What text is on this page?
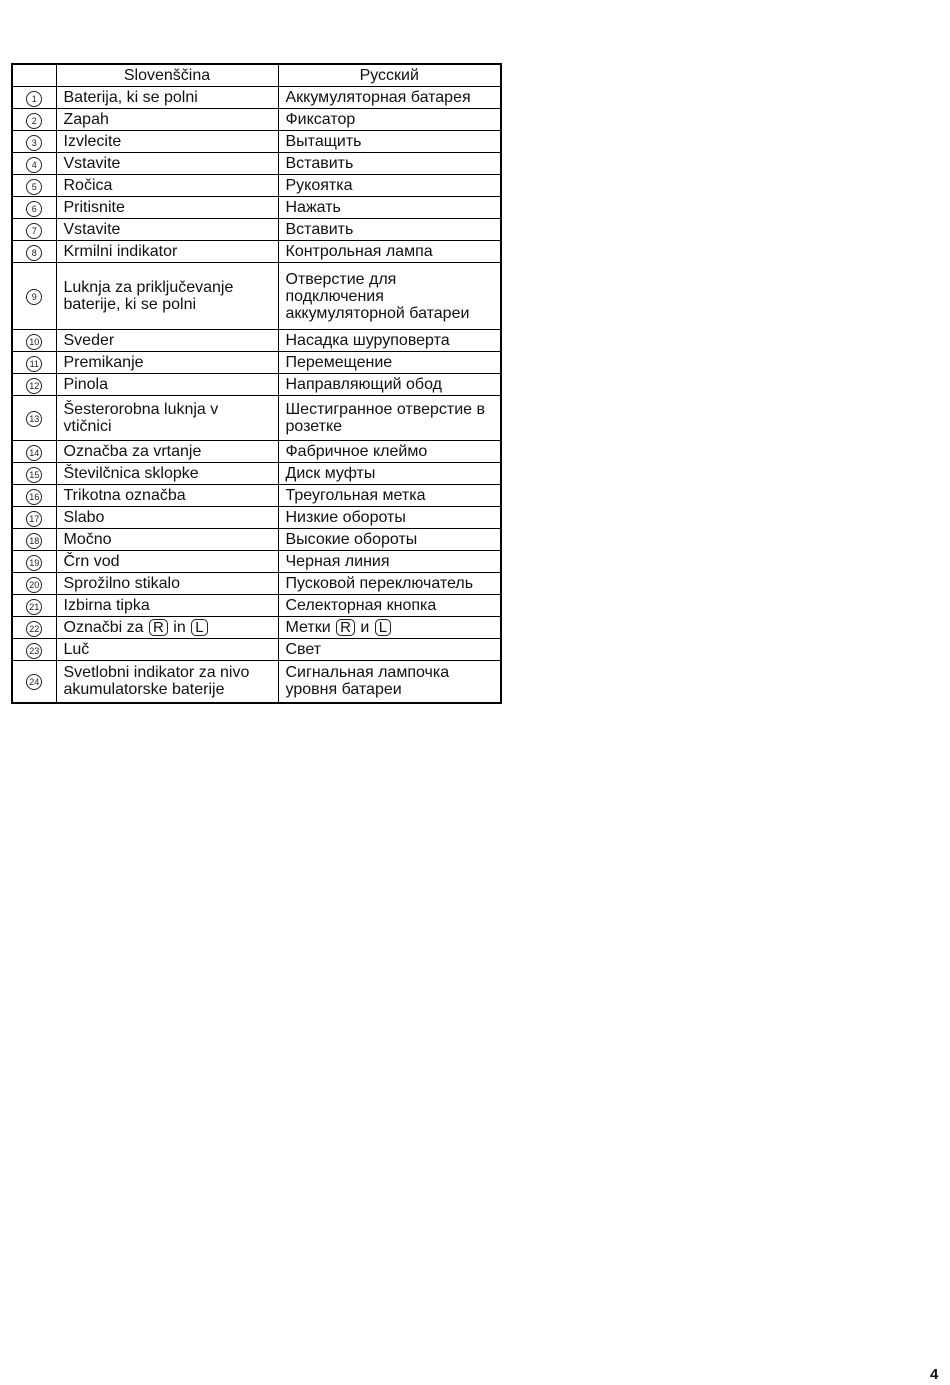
	Slovenščina	Русский
1	Baterija, ki se polni	Аккумуляторная батарея
2	Zapah	Фиксатор
3	Izvlecite	Вытащить
4	Vstavite	Вставить
5	Ročica	Рукоятка
6	Pritisnite	Нажать
7	Vstavite	Вставить
8	Krmilni indikator	Контрольная лампа
9	Luknja za priključevanje baterije, ki se polni	Отверстие для подключения аккумуляторной батареи
10	Sveder	Насадка шуруповерта
11	Premikanje	Перемещение
12	Pinola	Направляющий обод
13	Šesterorobna luknja v vtičnici	Шестигранное отверстие в розетке
14	Označba za vrtanje	Фабричное клеймо
15	Številčnica sklopke	Диск муфты
16	Trikotna označba	Треугольная метка
17	Slabo	Низкие обороты
18	Močno	Высокие обороты
19	Črn vod	Черная линия
20	Sprožilno stikalo	Пусковой переключатель
21	Izbirna tipka	Селекторная кнопка
22	Označbi za R in L	Метки R и L
23	Luč	Свет
24	Svetlobni indikator za nivo akumulatorske baterije	Сигнальная лампочка уровня батареи
4
